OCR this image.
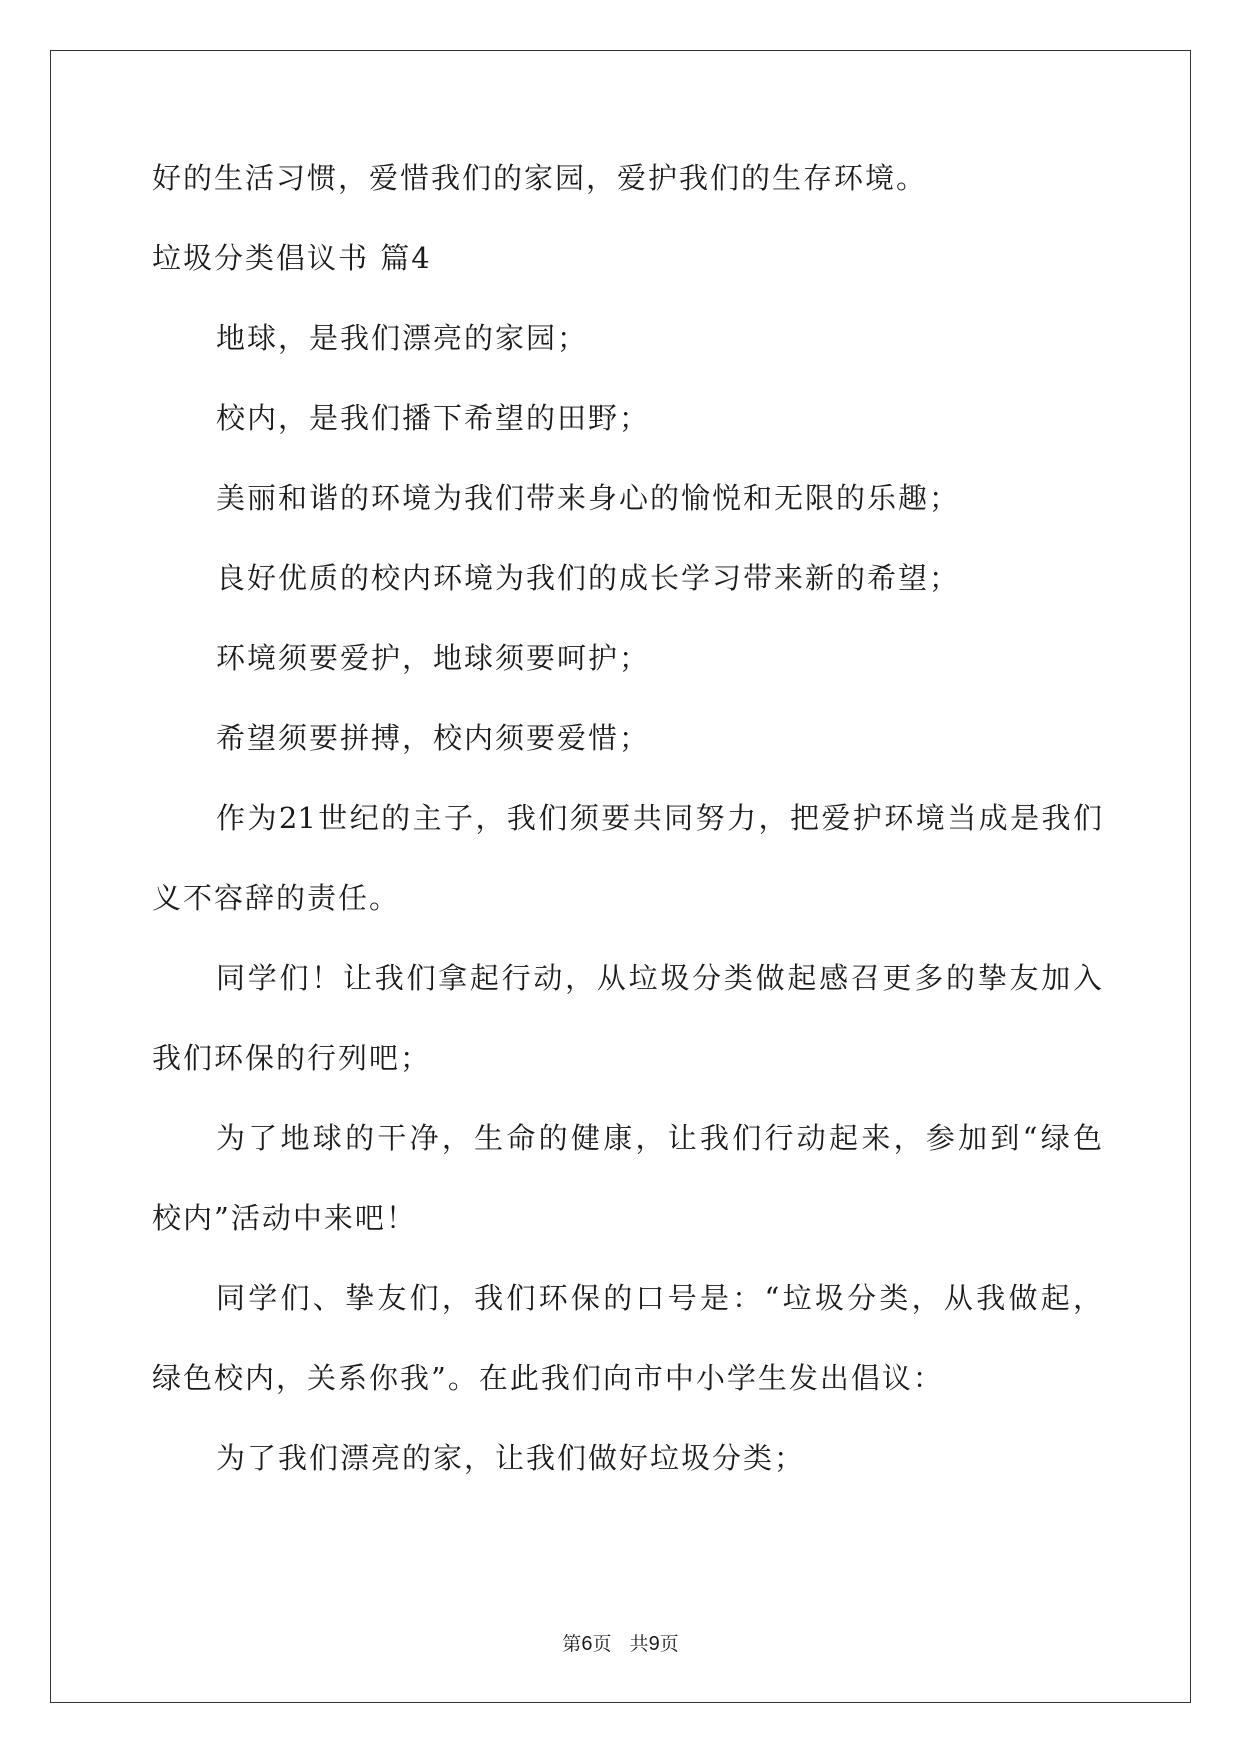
好的生活习惯，爱惜我们的家园，爱护我们的生存环境。
垃圾分类倡议书 篇4
地球，是我们漂亮的家园；
校内，是我们播下希望的田野；
美丽和谐的环境为我们带来身心的愉悦和无限的乐趣；
良好优质的校内环境为我们的成长学习带来新的希望；
环境须要爱护，地球须要呵护；
希望须要拼搏，校内须要爱惜；
作为21世纪的主子，我们须要共同努力，把爱护环境当成是我们
义不容辞的责任。
同学们！让我们拿起行动，从垃圾分类做起感召更多的挚友加入
我们环保的行列吧；
为了地球的干净，生命的健康，让我们行动起来，参加到“绿色
校内”活动中来吧！
同学们、挚友们，我们环保的口号是：“垃圾分类，从我做起，
绿色校内，关系你我”。在此我们向市中小学生发出倡议：
为了我们漂亮的家，让我们做好垃圾分类；
第6页   共9页
